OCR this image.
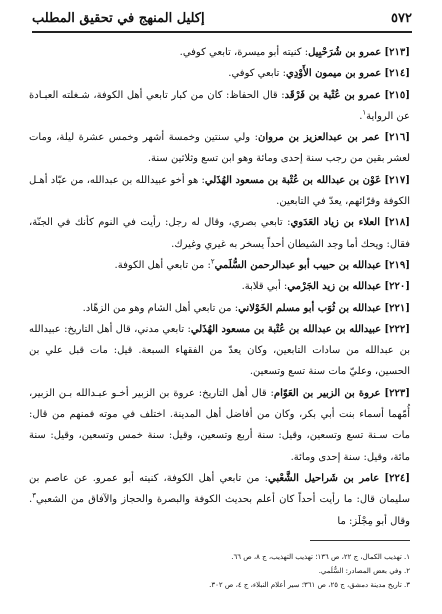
٥٧٢
إكليل المنهج في تحقيق المطلب
[٢١٣] عمرو بن شُرَحْبِيل: كنيته أبو ميسرة، تابعي كوفي.
[٢١٤] عمرو بن ميمون الأَوْدِي: تابعي كوفي.
[٢١٥] عمرو بن عُتْبة بن فَرْقَد: قال الحفاظ: كان من كبار تابعي أهل الكوفة، شـغلته العبـادة عن الرواية$^١$.
[٢١٦] عمر بن عبدالعزيز بن مروان: ولي سنتين وخمسة أشهر وخمس عشرة ليلة، ومات لعشر بقين من رجب سنة إحدى ومائة وهو ابن تسع وثلاثين سنة.
[٢١٧] عَوْن بن عبدالله بن عُتْبة بن مسعود الهُذَلي: هو أخو عبيدالله بن عبدالله، من عبّاد أهـل الكوفة وقرّائهم، يعدّ في التابعين.
[٢١٨] العلاء بن زياد العَدَوي: تابعي بصري، وقال له رجل: رأيت في النوم كأنك في الجنّة، فقال: ويحك أما وجد الشيطان أحداً يسخر به غيري وغيرك.
[٢١٩] عبدالله بن حبيب أبو عبدالرحمن السُّلَمي$^٢$: من تابعي أهل الكوفة.
[٢٢٠] عبدالله بن زيد الجَرْمي: أبي قلابة.
[٢٢١] عبدالله بن ثُوَب أبو مسلم الخَوْلاني: من تابعي أهل الشام وهو من الزهّاد.
[٢٢٢] عبيدالله بن عبدالله بن عُتْبة بن مسعود الهُذَلي: تابعي مدني، قال أهل التاريخ: عبيدالله بن عبدالله من سادات التابعين، وكان يعدّ من الفقهاء السبعة. قيل: مات قبل علي بن الحسين، وعليّ مات سنة تسع وتسعين.
[٢٢٣] عروة بن الزبير بن العَوّام: قال أهل التاريخ: عروة بن الزبير أخـو عبـدالله بـن الزبير، أُمّهما أسماء بنت أبي بكر، وكان من أفاضل أهل المدينة. اختلف في موته فمنهم من قال: مات سـنة تسع وتسعين، وقيل: سنة أربع وتسعين، وقيل: سنة خمس وتسعين، وقيل: سنة مائة، وقيل: سنة إحدى ومائة.
[٢٢٤] عامر بن شَراحيل الشَّعْبي: من تابعي أهل الكوفة، كنيته أبو عمرو. عن عاصم بن سليمان قال: ما رأيت أحداً كان أعلم بحديث الكوفة والبصرة والحجاز والآفاق من الشعبي$^٣$. وقال أبو مِجْلَز: ما
١. تهذيب الكمال، ج ٢٢، ص ١٣٦؛ تهذيب التهذيب، ج ٨، ص ٦٦.
٢. وفي بعض المصادر: السُّلَمي.
٣. تاريخ مدينة دمشق، ج ٢٥، ص ٣٦١؛ سير أعلام النبلاء، ج ٤، ص ٣٠٢.
